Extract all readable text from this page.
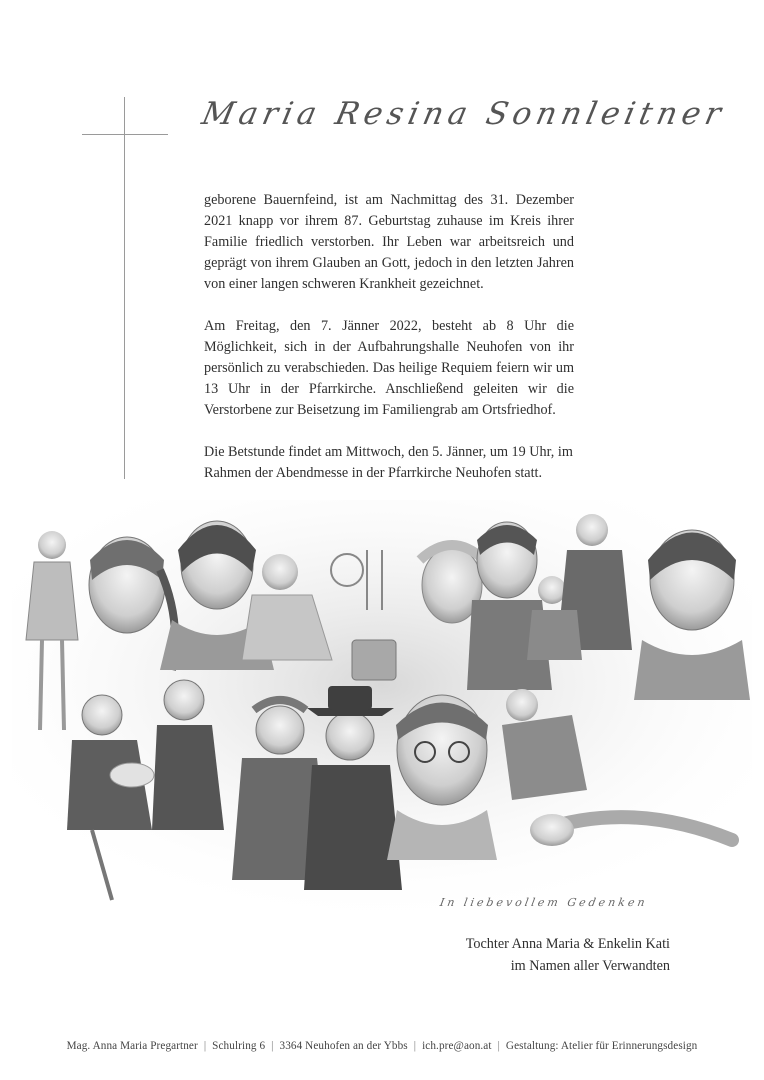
Maria Resina Sonnleitner

geborene Bauernfeind, ist am Nachmittag des 31. Dezember 2021 knapp vor ihrem 87. Geburtstag zuhause im Kreis ihrer Familie friedlich verstorben. Ihr Leben war arbeitsreich und geprägt von ihrem Glauben an Gott, jedoch in den letzten Jahren von einer langen schweren Krankheit gezeichnet.

Am Freitag, den 7. Jänner 2022, besteht ab 8 Uhr die Möglichkeit, sich in der Aufbahrungshalle Neuhofen von ihr persönlich zu verabschieden. Das heilige Requiem feiern wir um 13 Uhr in der Pfarrkirche. Anschließend geleiten wir die Verstorbene zur Beisetzung im Familiengrab am Ortsfriedhof.

Die Betstunde findet am Mittwoch, den 5. Jänner, um 19 Uhr, im Rahmen der Abendmesse in der Pfarrkirche Neuhofen statt.

In liebevollem Gedenken
Tochter Anna Maria & Enkelin Kati
im Namen aller Verwandten
Mag. Anna Maria Pregartner | Schulring 6 | 3364 Neuhofen an der Ybbs | ich.pre@aon.at | Gestaltung: Atelier für Erinnerungsdesign
